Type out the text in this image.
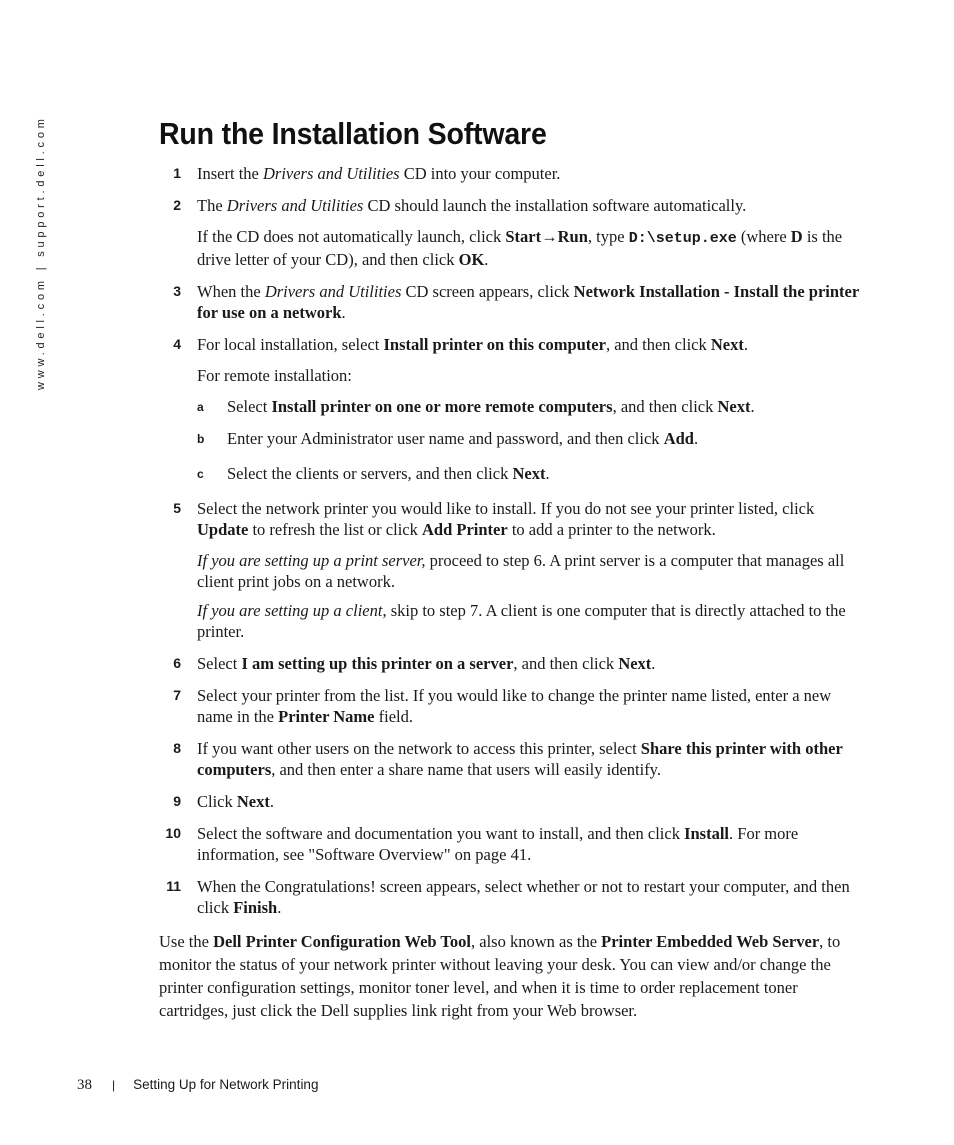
www.dell.com | support.dell.com	Run the Installation Software
1 Insert the Drivers and Utilities CD into your computer.

2 The Drivers and Utilities CD should launch the installation software automatically.

If the CD does not automatically launch, click Start→Run, type D:\setup.exe (where D is the drive letter of your CD), and then click OK.

3 When the Drivers and Utilities CD screen appears, click Network Installation - Install the printer for use on a network.

4 For local installation, select Install printer on this computer, and then click Next.

For remote installation:

a Select Install printer on one or more remote computers, and then click Next.

b Enter your Administrator user name and password, and then click Add.

c Select the clients or servers, and then click Next.

5 Select the network printer you would like to install. If you do not see your printer listed, click Update to refresh the list or click Add Printer to add a printer to the network.

If you are setting up a print server, proceed to step 6. A print server is a computer that manages all client print jobs on a network.

If you are setting up a client, skip to step 7. A client is one computer that is directly attached to the printer.

6 Select I am setting up this printer on a server, and then click Next.

7 Select your printer from the list. If you would like to change the printer name listed, enter a new name in the Printer Name field.

8 If you want other users on the network to access this printer, select Share this printer with other computers, and then enter a share name that users will easily identify.

9 Click Next.

10 Select the software and documentation you want to install, and then click Install. For more information, see "Software Overview" on page 41.

11 When the Congratulations! screen appears, select whether or not to restart your computer, and then click Finish.

Use the Dell Printer Configuration Web Tool, also known as the Printer Embedded Web Server, to monitor the status of your network printer without leaving your desk. You can view and/or change the printer configuration settings, monitor toner level, and when it is time to order replacement toner cartridges, just click the Dell supplies link right from your Web browser.

38 | Setting Up for Network Printing
